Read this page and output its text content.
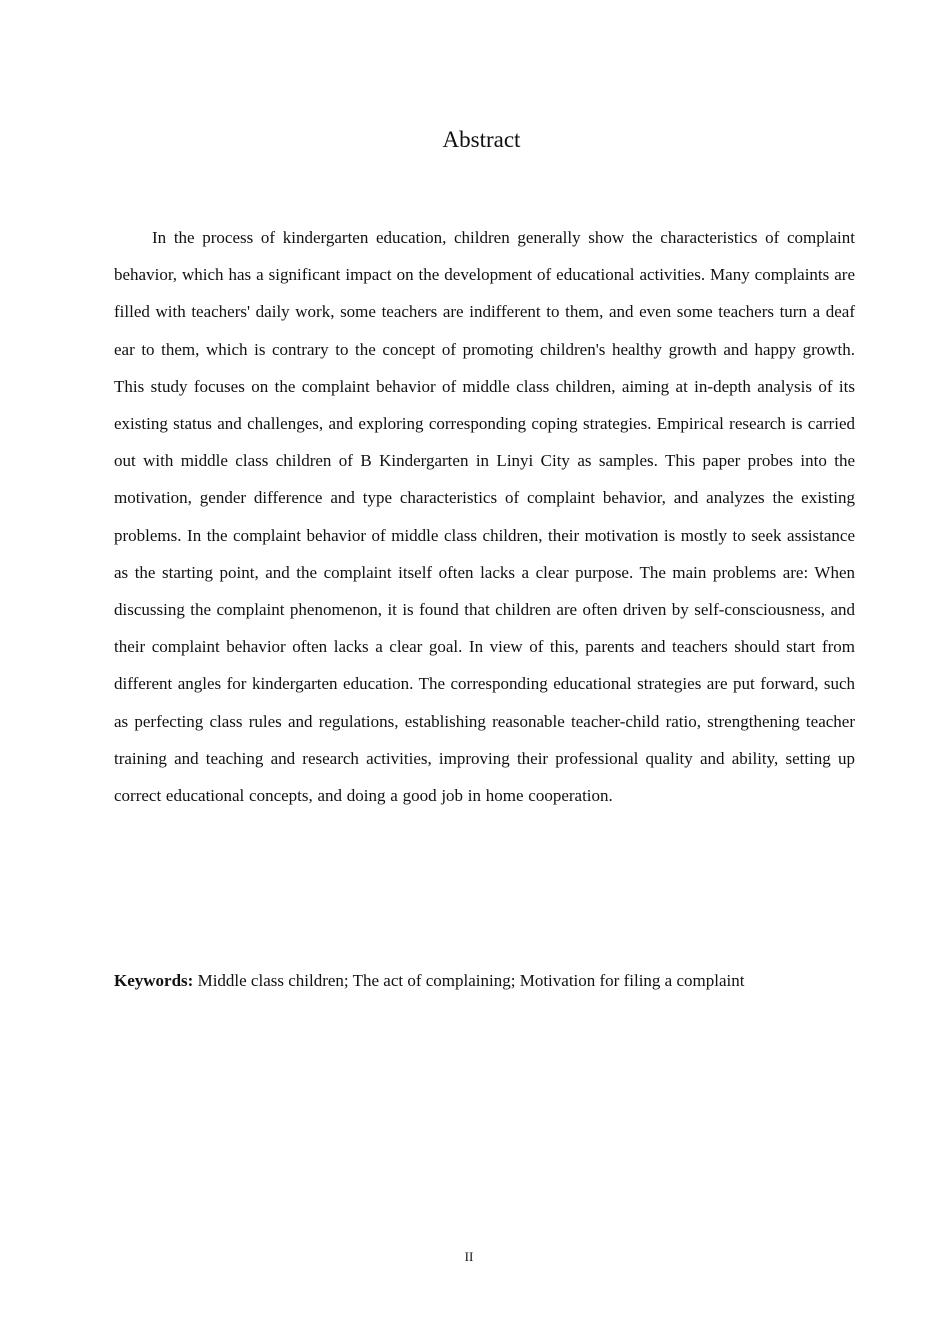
Abstract

In the process of kindergarten education, children generally show the characteristics of complaint behavior, which has a significant impact on the development of educational activities. Many complaints are filled with teachers' daily work, some teachers are indifferent to them, and even some teachers turn a deaf ear to them, which is contrary to the concept of promoting children's healthy growth and happy growth. This study focuses on the complaint behavior of middle class children, aiming at in-depth analysis of its existing status and challenges, and exploring corresponding coping strategies. Empirical research is carried out with middle class children of B Kindergarten in Linyi City as samples. This paper probes into the motivation, gender difference and type characteristics of complaint behavior, and analyzes the existing problems. In the complaint behavior of middle class children, their motivation is mostly to seek assistance as the starting point, and the complaint itself often lacks a clear purpose. The main problems are: When discussing the complaint phenomenon, it is found that children are often driven by self-consciousness, and their complaint behavior often lacks a clear goal. In view of this, parents and teachers should start from different angles for kindergarten education. The corresponding educational strategies are put forward, such as perfecting class rules and regulations, establishing reasonable teacher-child ratio, strengthening teacher training and teaching and research activities, improving their professional quality and ability, setting up correct educational concepts, and doing a good job in home cooperation.

Keywords: Middle class children; The act of complaining; Motivation for filing a complaint

II
